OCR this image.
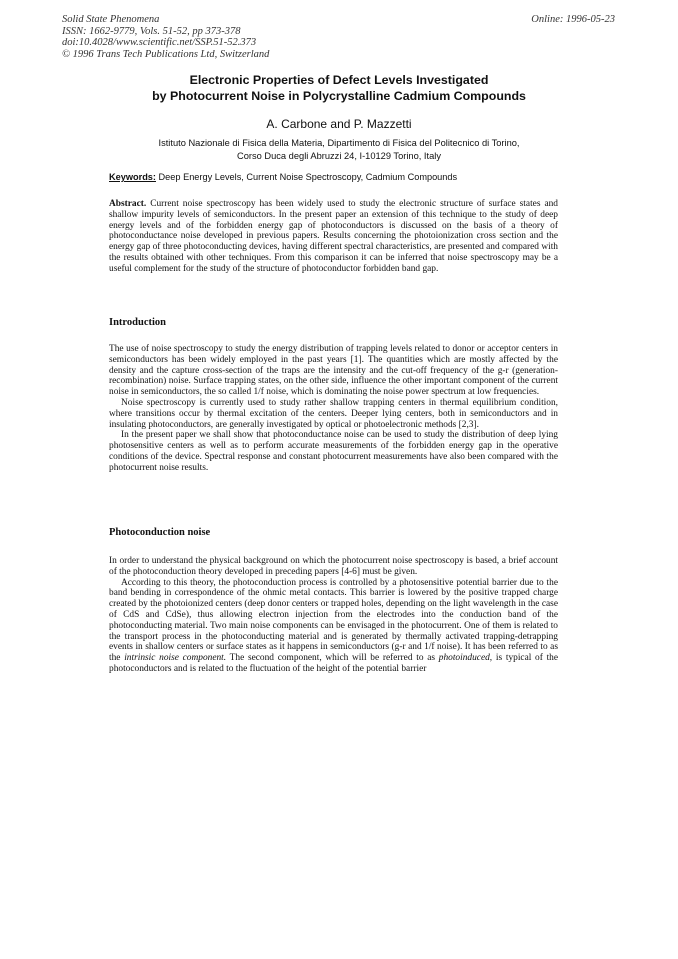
Solid State Phenomena
ISSN: 1662-9779, Vols. 51-52, pp 373-378
doi:10.4028/www.scientific.net/SSP.51-52.373
© 1996 Trans Tech Publications Ltd, Switzerland
Online: 1996-05-23
Electronic Properties of Defect Levels Investigated
by Photocurrent Noise in Polycrystalline Cadmium Compounds
A. Carbone and P. Mazzetti
Istituto Nazionale di Fisica della Materia, Dipartimento di Fisica del Politecnico di Torino,
Corso Duca degli Abruzzi 24, I-10129 Torino, Italy
Keywords: Deep Energy Levels, Current Noise Spectroscopy, Cadmium Compounds

Abstract. Current noise spectroscopy has been widely used to study the electronic structure of surface states and shallow impurity levels of semiconductors. In the present paper an extension of this technique to the study of deep energy levels and of the forbidden energy gap of photoconductors is discussed on the basis of a theory of photoconductance noise developed in previous papers. Results concerning the photoionization cross section and the energy gap of three photoconducting devices, having different spectral characteristics, are presented and compared with the results obtained with other techniques. From this comparison it can be inferred that noise spectroscopy may be a useful complement for the study of the structure of photoconductor forbidden band gap.

Introduction

The use of noise spectroscopy to study the energy distribution of trapping levels related to donor or acceptor centers in semiconductors has been widely employed in the past years [1]. The quantities which are mostly affected by the density and the capture cross-section of the traps are the intensity and the cut-off frequency of the g-r (generation-recombination) noise. Surface trapping states, on the other side, influence the other important component of the current noise in semiconductors, the so called 1/f noise, which is dominating the noise power spectrum at low frequencies.

Noise spectroscopy is currently used to study rather shallow trapping centers in thermal equilibrium condition, where transitions occur by thermal excitation of the centers. Deeper lying centers, both in semiconductors and in insulating photoconductors, are generally investigated by optical or photoelectronic methods [2,3].

In the present paper we shall show that photoconductance noise can be used to study the distribution of deep lying photosensitive centers as well as to perform accurate measurements of the forbidden energy gap in the operative conditions of the device. Spectral response and constant photocurrent measurements have also been compared with the photocurrent noise results.

Photoconduction noise

In order to understand the physical background on which the photocurrent noise spectroscopy is based, a brief account of the photoconduction theory developed in preceding papers [4-6] must be given.

According to this theory, the photoconduction process is controlled by a photosensitive potential barrier due to the band bending in correspondence of the ohmic metal contacts. This barrier is lowered by the positive trapped charge created by the photoionized centers (deep donor centers or trapped holes, depending on the light wavelength in the case of CdS and CdSe), thus allowing electron injection from the electrodes into the conduction band of the photoconducting material. Two main noise components can be envisaged in the photocurrent. One of them is related to the transport process in the photoconducting material and is generated by thermally activated trapping-detrapping events in shallow centers or surface states as it happens in semiconductors (g-r and 1/f noise). It has been referred to as the intrinsic noise component. The second component, which will be referred to as photoinduced, is typical of the photoconductors and is related to the fluctuation of the height of the potential barrier
